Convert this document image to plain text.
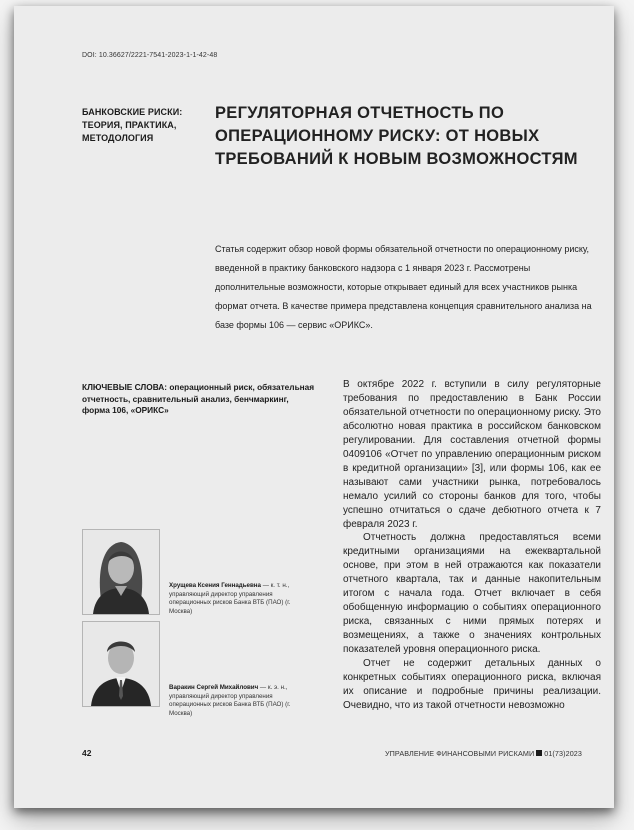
DOI: 10.36627/2221-7541-2023-1-1-42-48
БАНКОВСКИЕ РИСКИ: ТЕОРИЯ, ПРАКТИКА, МЕТОДОЛОГИЯ
РЕГУЛЯТОРНАЯ ОТЧЕТНОСТЬ ПО ОПЕРАЦИОННОМУ РИСКУ: ОТ НОВЫХ ТРЕБОВАНИЙ К НОВЫМ ВОЗМОЖНОСТЯМ
Статья содержит обзор новой формы обязательной отчетности по операционному риску, введенной в практику банковского надзора с 1 января 2023 г. Рассмотрены дополнительные возможности, которые открывает единый для всех участников рынка формат отчета. В качестве примера представлена концепция сравнительного анализа на базе формы 106 — сервис «ОРИКС».
КЛЮЧЕВЫЕ СЛОВА: операционный риск, обязательная отчетность, сравнительный анализ, бенчмаркинг, форма 106, «ОРИКС»
Хрущева Ксения Геннадьевна — к. т. н., управляющий директор управления операционных рисков Банка ВТБ (ПАО) (г. Москва)
Варакин Сергей Михайлович — к. э. н., управляющий директор управления операционных рисков Банка ВТБ (ПАО) (г. Москва)

В октябре 2022 г. вступили в силу регуляторные требования по предоставлению в Банк России обязательной отчетности по операционному риску. Это абсолютно новая практика в российском банковском регулировании. Для составления отчетной формы 0409106 «Отчет по управлению операционным риском в кредитной организации» [3], или формы 106, как ее называют сами участники рынка, потребовалось немало усилий со стороны банков для того, чтобы успешно отчитаться о сдаче дебютного отчета к 7 февраля 2023 г.

Отчетность должна предоставляться всеми кредитными организациями на ежеквартальной основе, при этом в ней отражаются как показатели отчетного квартала, так и данные накопительным итогом с начала года. Отчет включает в себя обобщенную информацию о событиях операционного риска, связанных с ними прямых потерях и возмещениях, а также о значениях контрольных показателей уровня операционного риска.

Отчет не содержит детальных данных о конкретных событиях операционного риска, включая их описание и подробные причины реализации. Очевидно, что из такой отчетности невозможно

42	УПРАВЛЕНИЕ ФИНАНСОВЫМИ РИСКАМИ 01(73)2023
